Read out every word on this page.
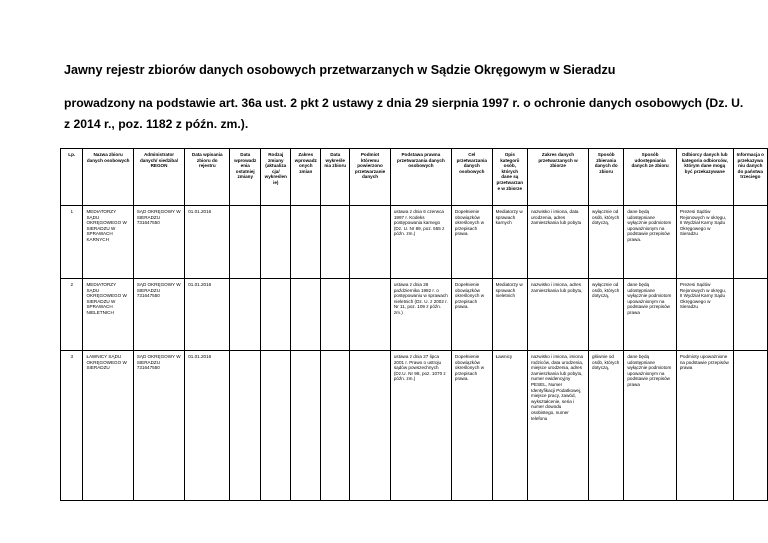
Jawny rejestr zbiorów danych osobowych przetwarzanych w Sądzie Okręgowym w Sieradzu

prowadzony na podstawie art. 36a ust. 2 pkt 2 ustawy z dnia 29 sierpnia 1997 r. o ochronie danych osobowych (Dz. U. z 2014 r., poz. 1182 z późn. zm.).

Lp.	Nazwa zbioru danych osobowych	Administrator danych/ siedziba/ REGON	Data wpisania zbioru do rejestru	Data wprowadzenia ostatniej zmiany	Rodzaj zmiany (aktualizacja/ wykreślenie)	Zakres wprowadzonych zmian	Data wykreślenia zbioru	Podmiot któremu powierzono przetwarzanie danych	Podstawa prawna przetwarzania danych osobowych	Cel przetwarzania danych osobowych	Opis kategorii osób, których dane są przetwarzane w zbiorze	Zakres danych przetwarzanych w zbiorze	Sposób zbierania danych do zbioru	Sposób udostępniania danych ze zbioru	Odbiorcy danych lub kategoria odbiorców, którym dane mogą być przekazywane	Informacja o przekazywaniu danych do państwa trzeciego
1	MEDIATORZY SĄDU OKRĘGOWEGO W SIERADZU W SPRAWACH KARNYCH	SĄD OKRĘGOWY W SIERADZU 731647550	01.01.2016						ustawa z dnia 6 czerwca 1997 r. Kodeks postępowania karnego (Dz. U. Nr 89, poz. 555 z późn. zm.)	Dopełnienie obowiązków określonych w przepisach prawa.	Mediatorzy w sprawach karnych	nazwisko i imiona, data urodzenia, adres zamieszkania lub pobytu	wyłącznie od osób, których dotyczą,	dane będą udostępniane wyłącznie podmiotom upoważnionym na podstawie przepisów prawa.	Prezesi Sądów Rejonowych w okręgu, II Wydział Karny Sądu Okręgowego w Sieradzu	
2	MEDIATORZY SĄDU OKRĘGOWEGO W SIERADZU W SPRAWACH NIELETNICH	SĄD OKRĘGOWY W SIERADZU 731647550	01.01.2016						ustawa z dnia 26 października 1982 r. o postępowaniu w sprawach nieletnich (Dz. U. z 2002 r. Nr 11, poz. 109 z późn. zm.)	Dopełnienie obowiązków określonych w przepisach prawa.	Mediatorzy w sprawach nieletnich	nazwisko i imiona, adres zamieszkania lub pobytu,	wyłącznie od osób, których dotyczą,	dane będą udostępniane wyłącznie podmiotom upoważnionym na podstawie przepisów prawa	Prezesi Sądów Rejonowych w okręgu, II Wydział Karny Sądu Okręgowego w Sieradzu	
3	ŁAWNICY SĄDU OKRĘGOWEGO W SIERADZU	SĄD OKRĘGOWY W SIERADZU 731647550	01.01.2016						ustawa z dnia 27 lipca 2001 r. Prawo o ustroju sądów powszechnych (Dz.U. Nr 98, poz. 1070 z późn. zm.)	Dopełnienie obowiązków określonych w przepisach prawa.	Ławnicy	nazwisko i imiona, imiona rodziców, data urodzenia, miejsce urodzenia, adres zamieszkania lub pobytu, numer ewidencyjny PESEL, Numer Identyfikacji Podatkowej, miejsce pracy, zawód, wykształcenie, seria i numer dowodu osobistego, numer telefonu	głównie od osób, których dotyczą,	dane będą udostępniane wyłącznie podmiotom upoważnionym na podstawie przepisów prawa	Podmioty upoważnione na podstawie przepisów prawa	
